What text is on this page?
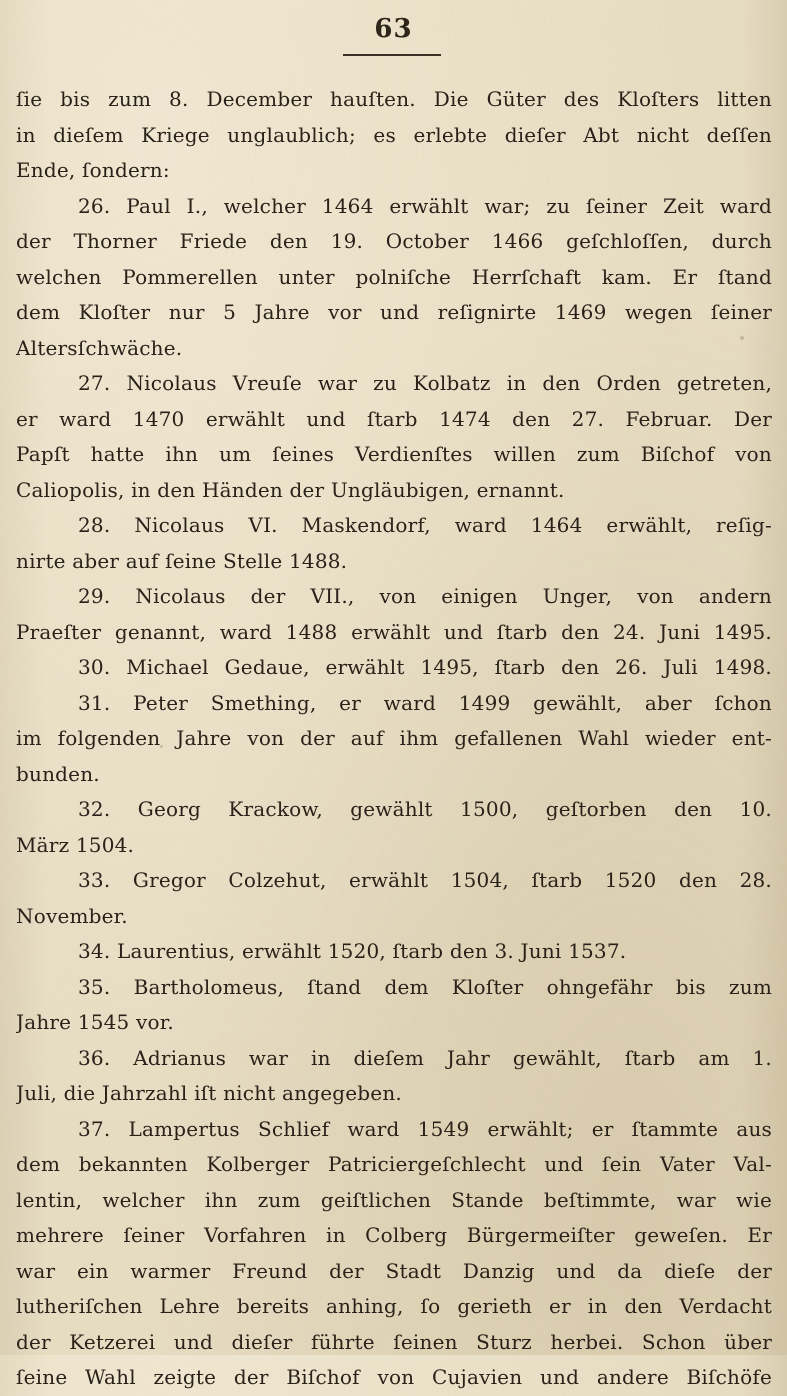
63
ſie bis zum 8. December hauſten. Die Güter des Kloſters litten
in dieſem Kriege unglaublich; es erlebte dieſer Abt nicht deſſen
Ende, ſondern:
26. Paul I., welcher 1464 erwählt war; zu ſeiner Zeit ward
der Thorner Friede den 19. October 1466 geſchloſſen, durch
welchen Pommerellen unter polniſche Herrſchaft kam. Er ſtand
dem Kloſter nur 5 Jahre vor und reſignirte 1469 wegen ſeiner
Altersſchwäche.
27. Nicolaus Vreuſe war zu Kolbatz in den Orden getreten,
er ward 1470 erwählt und ſtarb 1474 den 27. Februar. Der
Papſt hatte ihn um ſeines Verdienſtes willen zum Biſchof von
Caliopolis, in den Händen der Ungläubigen, ernannt.
28. Nicolaus VI. Maskendorf, ward 1464 erwählt, reſig-
nirte aber auf ſeine Stelle 1488.
29. Nicolaus der VII., von einigen Unger, von andern
Praeſter genannt, ward 1488 erwählt und ſtarb den 24. Juni 1495.
30. Michael Gedaue, erwählt 1495, ſtarb den 26. Juli 1498.
31. Peter Smething, er ward 1499 gewählt, aber ſchon
im folgenden Jahre von der auf ihm gefallenen Wahl wieder ent-
bunden.
32. Georg Krackow, gewählt 1500, geſtorben den 10.
März 1504.
33. Gregor Colzehut, erwählt 1504, ſtarb 1520 den 28.
November.
34. Laurentius, erwählt 1520, ſtarb den 3. Juni 1537.
35. Bartholomeus, ſtand dem Kloſter ohngefähr bis zum
Jahre 1545 vor.
36. Adrianus war in dieſem Jahr gewählt, ſtarb am 1.
Juli, die Jahrzahl iſt nicht angegeben.
37. Lampertus Schlief ward 1549 erwählt; er ſtammte aus
dem bekannten Kolberger Patriciergeſchlecht und ſein Vater Val-
lentin, welcher ihn zum geiſtlichen Stande beſtimmte, war wie
mehrere ſeiner Vorfahren in Colberg Bürgermeiſter geweſen. Er
war ein warmer Freund der Stadt Danzig und da dieſe der
lutheriſchen Lehre bereits anhing, ſo gerieth er in den Verdacht
der Ketzerei und dieſer führte ſeinen Sturz herbei. Schon über
ſeine Wahl zeigte der Biſchof von Cujavien und andere Biſchöfe
